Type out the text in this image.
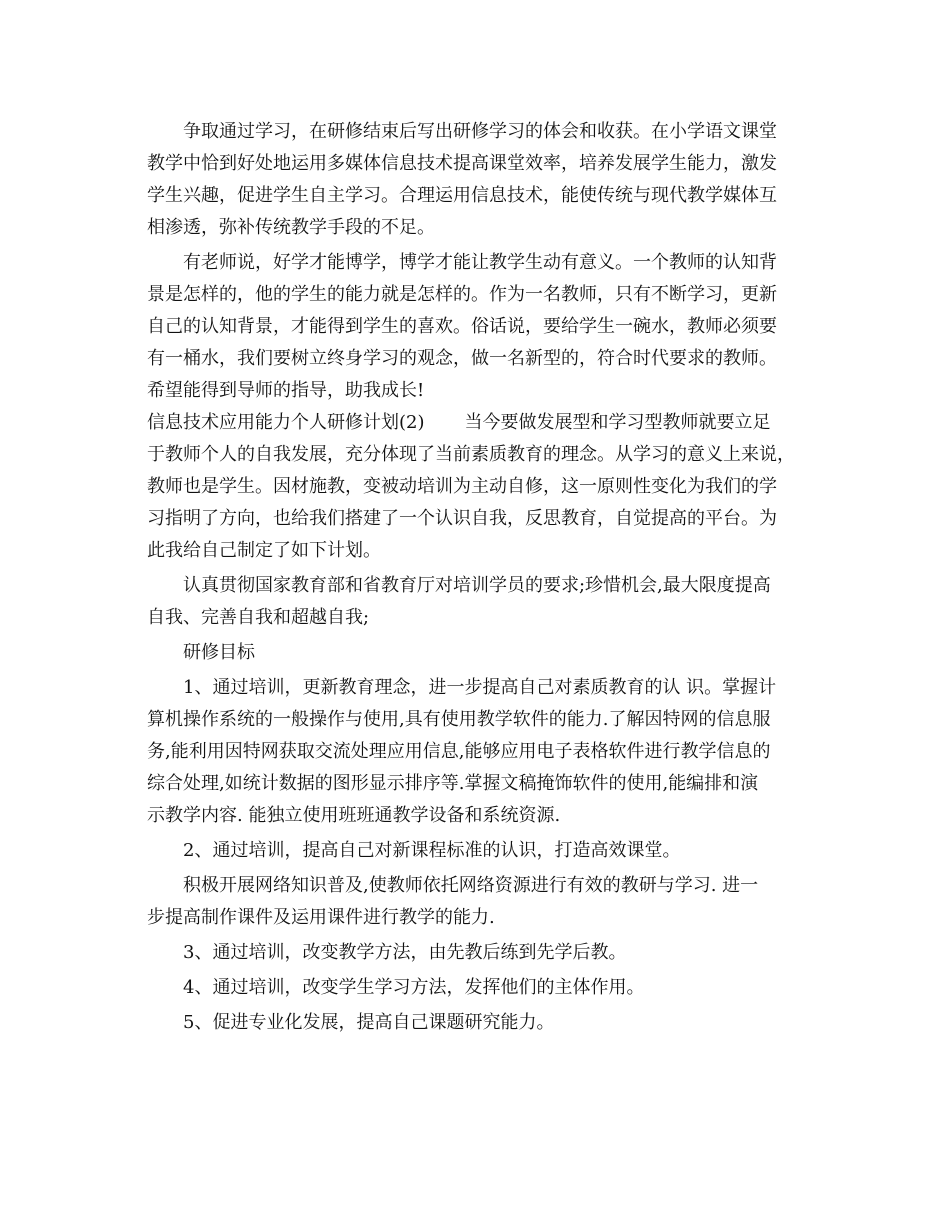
争取通过学习，在研修结束后写出研修学习的体会和收获。在小学语文课堂
教学中恰到好处地运用多媒体信息技术提高课堂效率，培养发展学生能力，激发
学生兴趣，促进学生自主学习。合理运用信息技术，能使传统与现代教学媒体互
相渗透，弥补传统教学手段的不足。
有老师说，好学才能博学，博学才能让教学生动有意义。一个教师的认知背
景是怎样的，他的学生的能力就是怎样的。作为一名教师，只有不断学习，更新
自己的认知背景，才能得到学生的喜欢。俗话说，要给学生一碗水，教师必须要
有一桶水，我们要树立终身学习的观念，做一名新型的，符合时代要求的教师。
希望能得到导师的指导，助我成长!
信息技术应用能力个人研修计划(2) 当今要做发展型和学习型教师就要立足
于教师个人的自我发展，充分体现了当前素质教育的理念。从学习的意义上来说，
教师也是学生。因材施教，变被动培训为主动自修，这一原则性变化为我们的学
习指明了方向，也给我们搭建了一个认识自我，反思教育，自觉提高的平台。为
此我给自己制定了如下计划。
认真贯彻国家教育部和省教育厅对培训学员的要求;珍惜机会,最大限度提高
自我、完善自我和超越自我;
研修目标
1、通过培训，更新教育理念，进一步提高自己对素质教育的认 识。掌握计
算机操作系统的一般操作与使用,具有使用教学软件的能力.了解因特网的信息服
务,能利用因特网获取交流处理应用信息,能够应用电子表格软件进行教学信息的
综合处理,如统计数据的图形显示排序等.掌握文稿掩饰软件的使用,能编排和演
示教学内容. 能独立使用班班通教学设备和系统资源.
2、通过培训，提高自己对新课程标准的认识，打造高效课堂。
积极开展网络知识普及,使教师依托网络资源进行有效的教研与学习. 进一
步提高制作课件及运用课件进行教学的能力.
3、通过培训，改变教学方法，由先教后练到先学后教。
4、通过培训，改变学生学习方法，发挥他们的主体作用。
5、促进专业化发展，提高自己课题研究能力。
